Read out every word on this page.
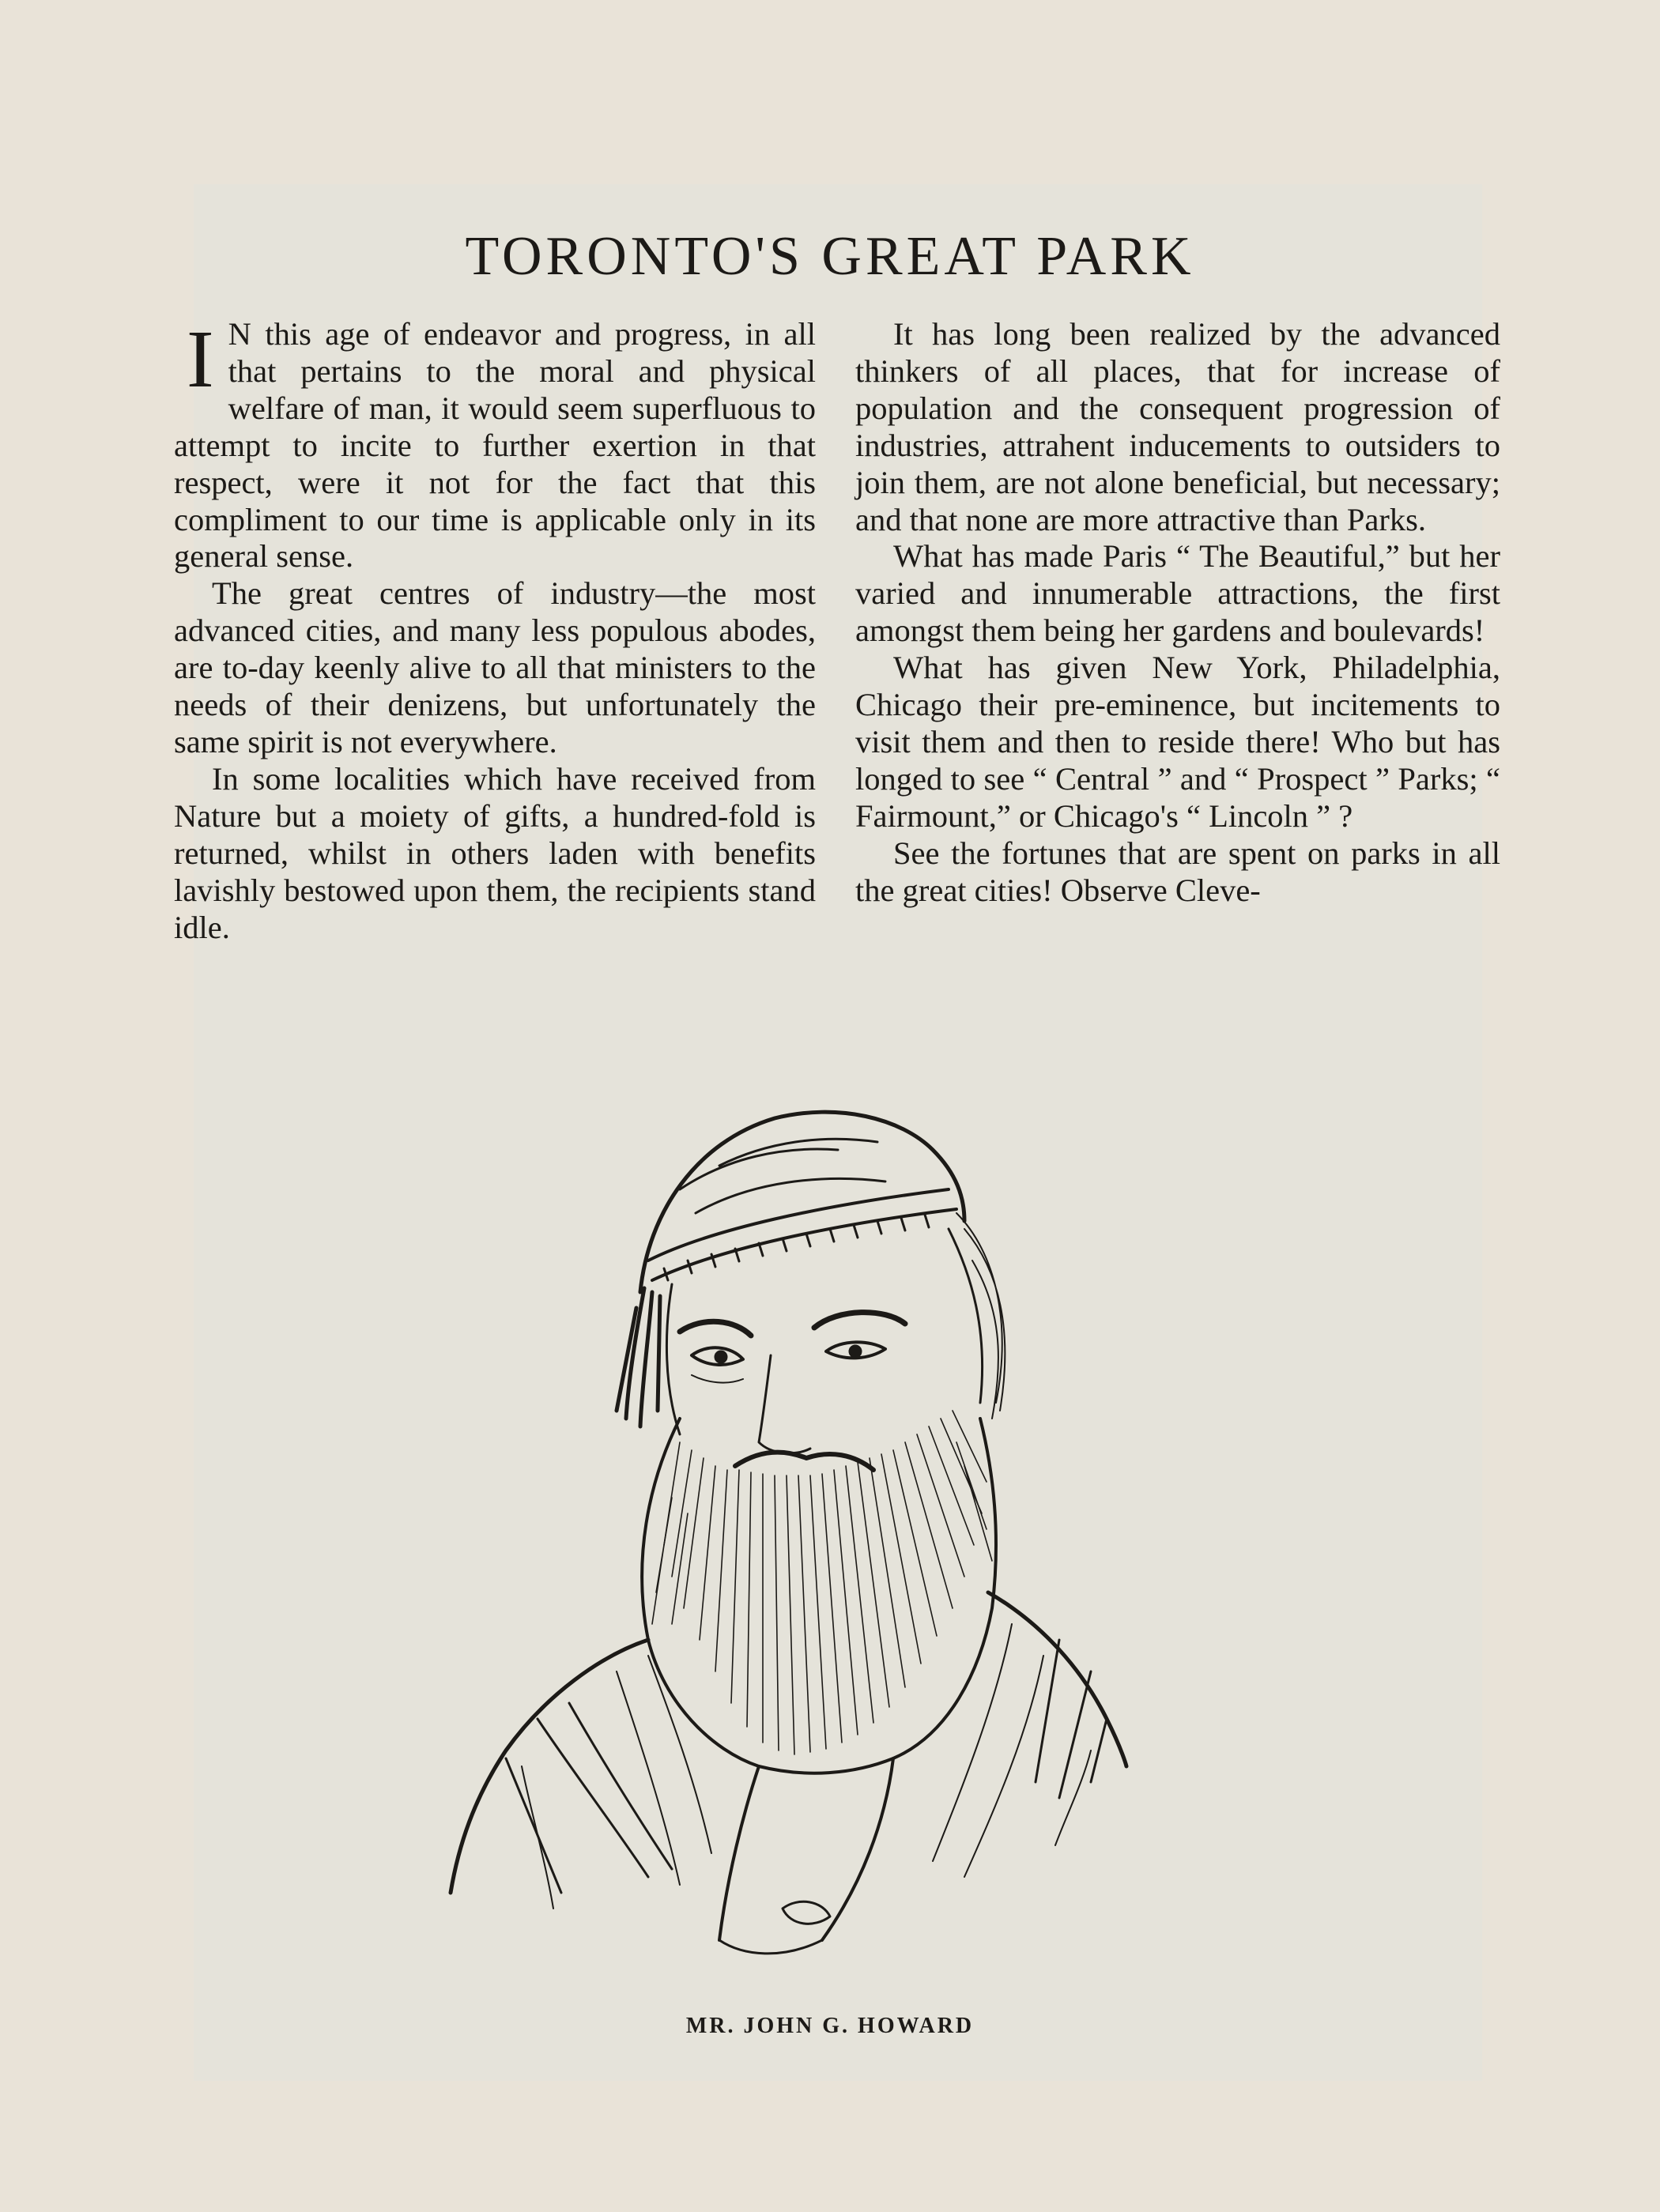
TORONTO'S GREAT PARK

I N this age of endeavor and progress, in all that pertains to the moral and physical welfare of man, it would seem superfluous to attempt to incite to further exertion in that respect, were it not for the fact that this compliment to our time is applicable only in its general sense.

The great centres of industry—the most advanced cities, and many less populous abodes, are to-day keenly alive to all that ministers to the needs of their denizens, but unfortunately the same spirit is not everywhere.

In some localities which have received from Nature but a moiety of gifts, a hundred-fold is returned, whilst in others laden with benefits lavishly bestowed upon them, the recipients stand idle.

It has long been realized by the advanced thinkers of all places, that for increase of population and the consequent progression of industries, attrahent inducements to outsiders to join them, are not alone beneficial, but necessary; and that none are more attractive than Parks.

What has made Paris “ The Beautiful,” but her varied and innumerable attractions, the first amongst them being her gardens and boulevards!

What has given New York, Philadelphia, Chicago their pre-eminence, but incitements to visit them and then to reside there! Who but has longed to see “ Central ” and “ Prospect ” Parks; “ Fairmount,” or Chicago's “ Lincoln ” ?

See the fortunes that are spent on parks in all the great cities! Observe Cleve-

MR. JOHN G. HOWARD
